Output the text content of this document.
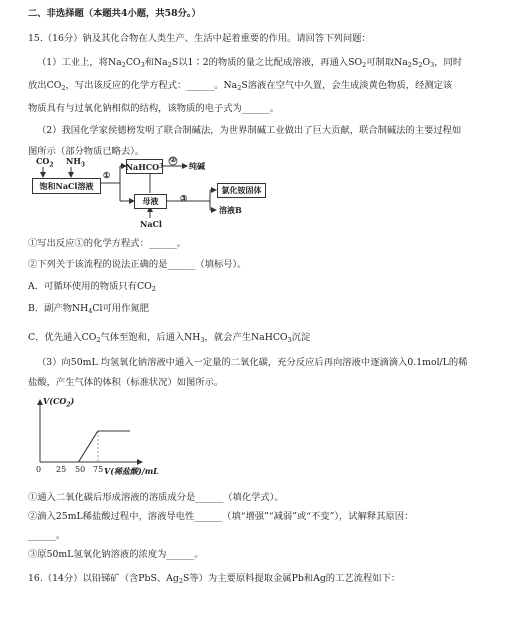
二、非选择题（本题共4小题，共58分。）
15.（16分）钠及其化合物在人类生产、生活中起着重要的作用。请回答下列问题：
（1）工业上，将$Na_2CO_3$和$Na_2S$以1∶2的物质的量之比配成溶液，再通入$SO_2$可制取$Na_2S_2O_3$，同时
放出$CO_2$，写出该反应的化学方程式：______。$Na_2S$溶液在空气中久置，会生成淡黄色物质，经测定该
物质具有与过氧化钠相似的结构，该物质的电子式为______。
（2）我国化学家侯德榜发明了联合制碱法，为世界制碱工业做出了巨大贡献，联合制碱法的主要过程如
图所示（部分物质已略去）。
$CO_2$ $NH_3$
饱和NaCl溶液
①
NaHCO 3
②
纯碱
母液	③
氯化铵固体
溶液B
NaCl
①写出反应①的化学方程式：______。
②下列关于该流程的说法正确的是______（填标号）。
A．可循环使用的物质只有$CO_2$
B．副产物$NH_4Cl$可用作氮肥
C．优先通入$CO_2$气体至饱和，后通入$NH_3$，就会产生NaHCO$_3$沉淀
（3）向50mL 均氢氧化钠溶液中通入一定量的二氧化碳，充分反应后再向溶液中逐滴滴入0.1mol/L的稀
盐酸，产生气体的体积（标准状况）如图所示。
$V(CO_2)$
0 25 50 75 V(稀盐酸)/mL
①通入二氧化碳后形成溶液的溶质成分是______（填化学式）。
②滴入25mL稀盐酸过程中，溶液导电性______（填“增强”“减弱”或“不变”），试解释其原因：
______。
③原50mL氢氧化钠溶液的浓度为______。
16.（14分）以铅锑矿（含PbS、$Ag_2S$等）为主要原料提取金属Pb和Ag的工艺流程如下：
